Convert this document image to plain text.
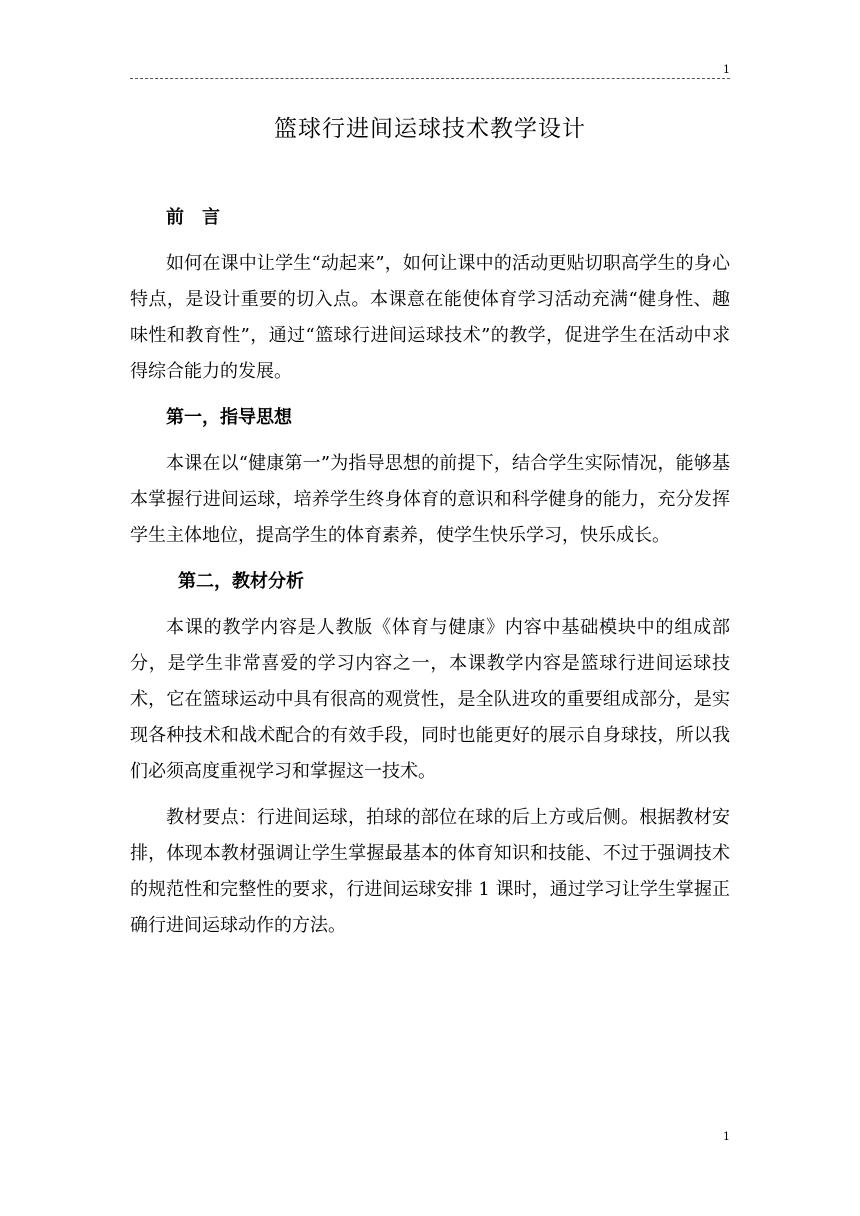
1
篮球行进间运球技术教学设计
前　言

如何在课中让学生“动起来”，如何让课中的活动更贴切职高学生的身心特点，是设计重要的切入点。本课意在能使体育学习活动充满“健身性、趣味性和教育性”，通过“篮球行进间运球技术”的教学，促进学生在活动中求得综合能力的发展。

第一，指导思想

本课在以“健康第一”为指导思想的前提下，结合学生实际情况，能够基本掌握行进间运球，培养学生终身体育的意识和科学健身的能力，充分发挥学生主体地位，提高学生的体育素养，使学生快乐学习，快乐成长。

第二，教材分析

本课的教学内容是人教版《体育与健康》内容中基础模块中的组成部分，是学生非常喜爱的学习内容之一，本课教学内容是篮球行进间运球技术，它在篮球运动中具有很高的观赏性，是全队进攻的重要组成部分，是实现各种技术和战术配合的有效手段，同时也能更好的展示自身球技，所以我们必须高度重视学习和掌握这一技术。

教材要点：行进间运球，拍球的部位在球的后上方或后侧。根据教材安排，体现本教材强调让学生掌握最基本的体育知识和技能、不过于强调技术的规范性和完整性的要求，行进间运球安排 1 课时，通过学习让学生掌握正确行进间运球动作的方法。

1
